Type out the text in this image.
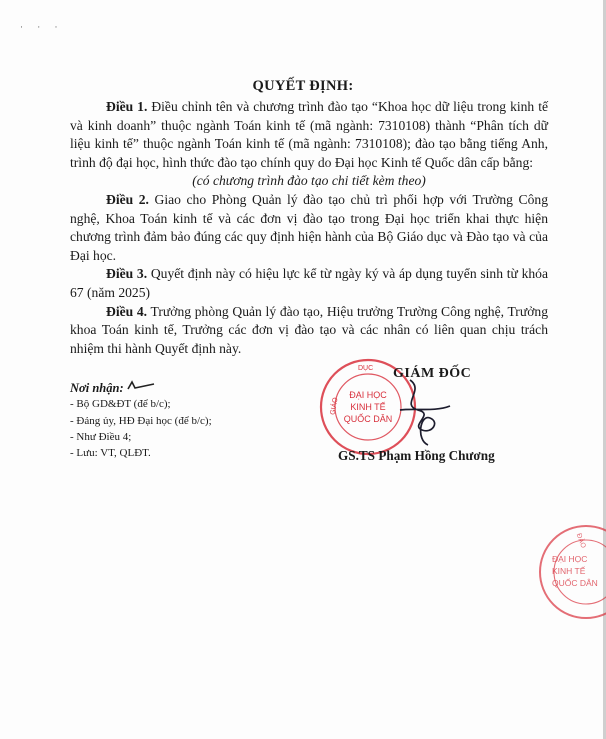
· · ·
QUYẾT ĐỊNH:

Điều 1. Điều chỉnh tên và chương trình đào tạo “Khoa học dữ liệu trong kinh tế và kinh doanh” thuộc ngành Toán kinh tế (mã ngành: 7310108) thành “Phân tích dữ liệu kinh tế” thuộc ngành Toán kinh tế (mã ngành: 7310108); đào tạo bằng tiếng Anh, trình độ đại học, hình thức đào tạo chính quy do Đại học Kinh tế Quốc dân cấp bằng:

(có chương trình đào tạo chi tiết kèm theo)

Điều 2. Giao cho Phòng Quản lý đào tạo chủ trì phối hợp với Trường Công nghệ, Khoa Toán kinh tế và các đơn vị đào tạo trong Đại học triển khai thực hiện chương trình đảm bảo đúng các quy định hiện hành của Bộ Giáo dục và Đào tạo và của Đại học.

Điều 3. Quyết định này có hiệu lực kể từ ngày ký và áp dụng tuyển sinh từ khóa 67 (năm 2025)

Điều 4. Trưởng phòng Quản lý đào tạo, Hiệu trưởng Trường Công nghệ, Trưởng khoa Toán kinh tế, Trưởng các đơn vị đào tạo và các nhân có liên quan chịu trách nhiệm thi hành Quyết định này.

Nơi nhận:
- Bộ GD&ĐT (để b/c);
- Đảng ủy, HĐ Đại học (để b/c);
- Như Điều 4;
- Lưu: VT, QLĐT.
DỤC
GIÁO
ĐẠI HỌC
KINH TẾ
QUỐC DÂN
GIÁM ĐỐC
GS.TS Phạm Hồng Chương
ĐẠI HỌC
KINH TẾ
QUỐC DÂN
ĐÀO
